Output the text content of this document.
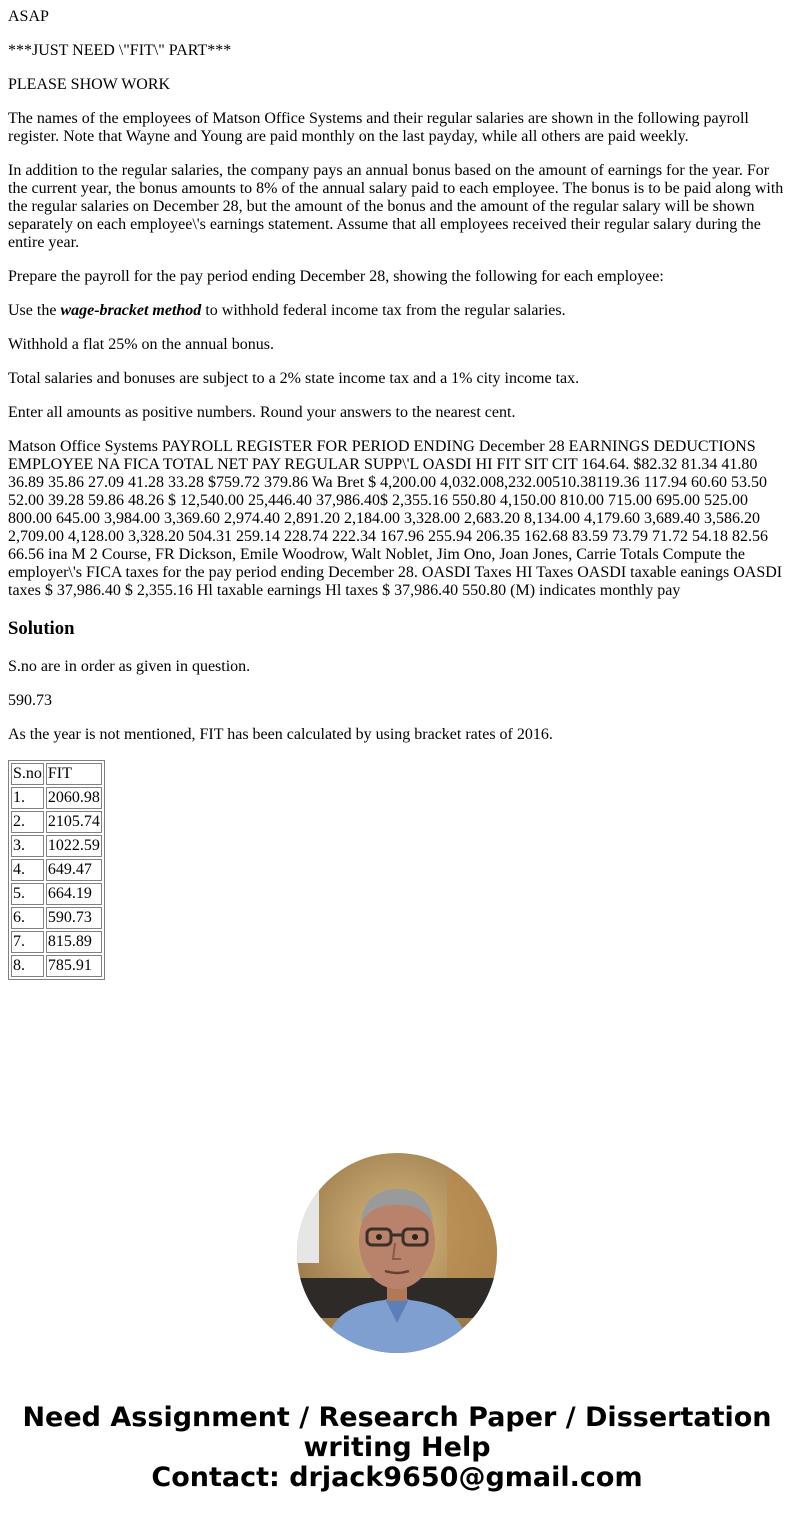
ASAP

***JUST NEED \"FIT\" PART***

PLEASE SHOW WORK

The names of the employees of Matson Office Systems and their regular salaries are shown in the following payroll register. Note that Wayne and Young are paid monthly on the last payday, while all others are paid weekly.

In addition to the regular salaries, the company pays an annual bonus based on the amount of earnings for the year. For the current year, the bonus amounts to 8% of the annual salary paid to each employee. The bonus is to be paid along with the regular salaries on December 28, but the amount of the bonus and the amount of the regular salary will be shown separately on each employee\'s earnings statement. Assume that all employees received their regular salary during the entire year.

Prepare the payroll for the pay period ending December 28, showing the following for each employee:

Use the wage-bracket method to withhold federal income tax from the regular salaries.

Withhold a flat 25% on the annual bonus.

Total salaries and bonuses are subject to a 2% state income tax and a 1% city income tax.

Enter all amounts as positive numbers. Round your answers to the nearest cent.

Matson Office Systems PAYROLL REGISTER FOR PERIOD ENDING December 28 EARNINGS DEDUCTIONS EMPLOYEE NA FICA TOTAL NET PAY REGULAR SUPP\'L OASDI HI FIT SIT CIT 164.64. $82.32 81.34 41.80 36.89 35.86 27.09 41.28 33.28 $759.72 379.86 Wa Bret $ 4,200.00 4,032.008,232.00510.38119.36 117.94 60.60 53.50 52.00 39.28 59.86 48.26 $ 12,540.00 25,446.40 37,986.40$ 2,355.16 550.80 4,150.00 810.00 715.00 695.00 525.00 800.00 645.00 3,984.00 3,369.60 2,974.40 2,891.20 2,184.00 3,328.00 2,683.20 8,134.00 4,179.60 3,689.40 3,586.20 2,709.00 4,128.00 3,328.20 504.31 259.14 228.74 222.34 167.96 255.94 206.35 162.68 83.59 73.79 71.72 54.18 82.56 66.56 ina M 2 Course, FR Dickson, Emile Woodrow, Walt Noblet, Jim Ono, Joan Jones, Carrie Totals Compute the employer\'s FICA taxes for the pay period ending December 28. OASDI Taxes HI Taxes OASDI taxable eanings OASDI taxes $ 37,986.40 $ 2,355.16 Hl taxable earnings Hl taxes $ 37,986.40 550.80 (M) indicates monthly pay

Solution

S.no are in order as given in question.

590.73

As the year is not mentioned, FIT has been calculated by using bracket rates of 2016.

S.no	FIT
1.	2060.98
2.	2105.74
3.	1022.59
4.	649.47
5.	664.19
6.	590.73
7.	815.89
8.	785.91
Need Assignment / Research Paper / Dissertation
writing Help
Contact: drjack9650@gmail.com
